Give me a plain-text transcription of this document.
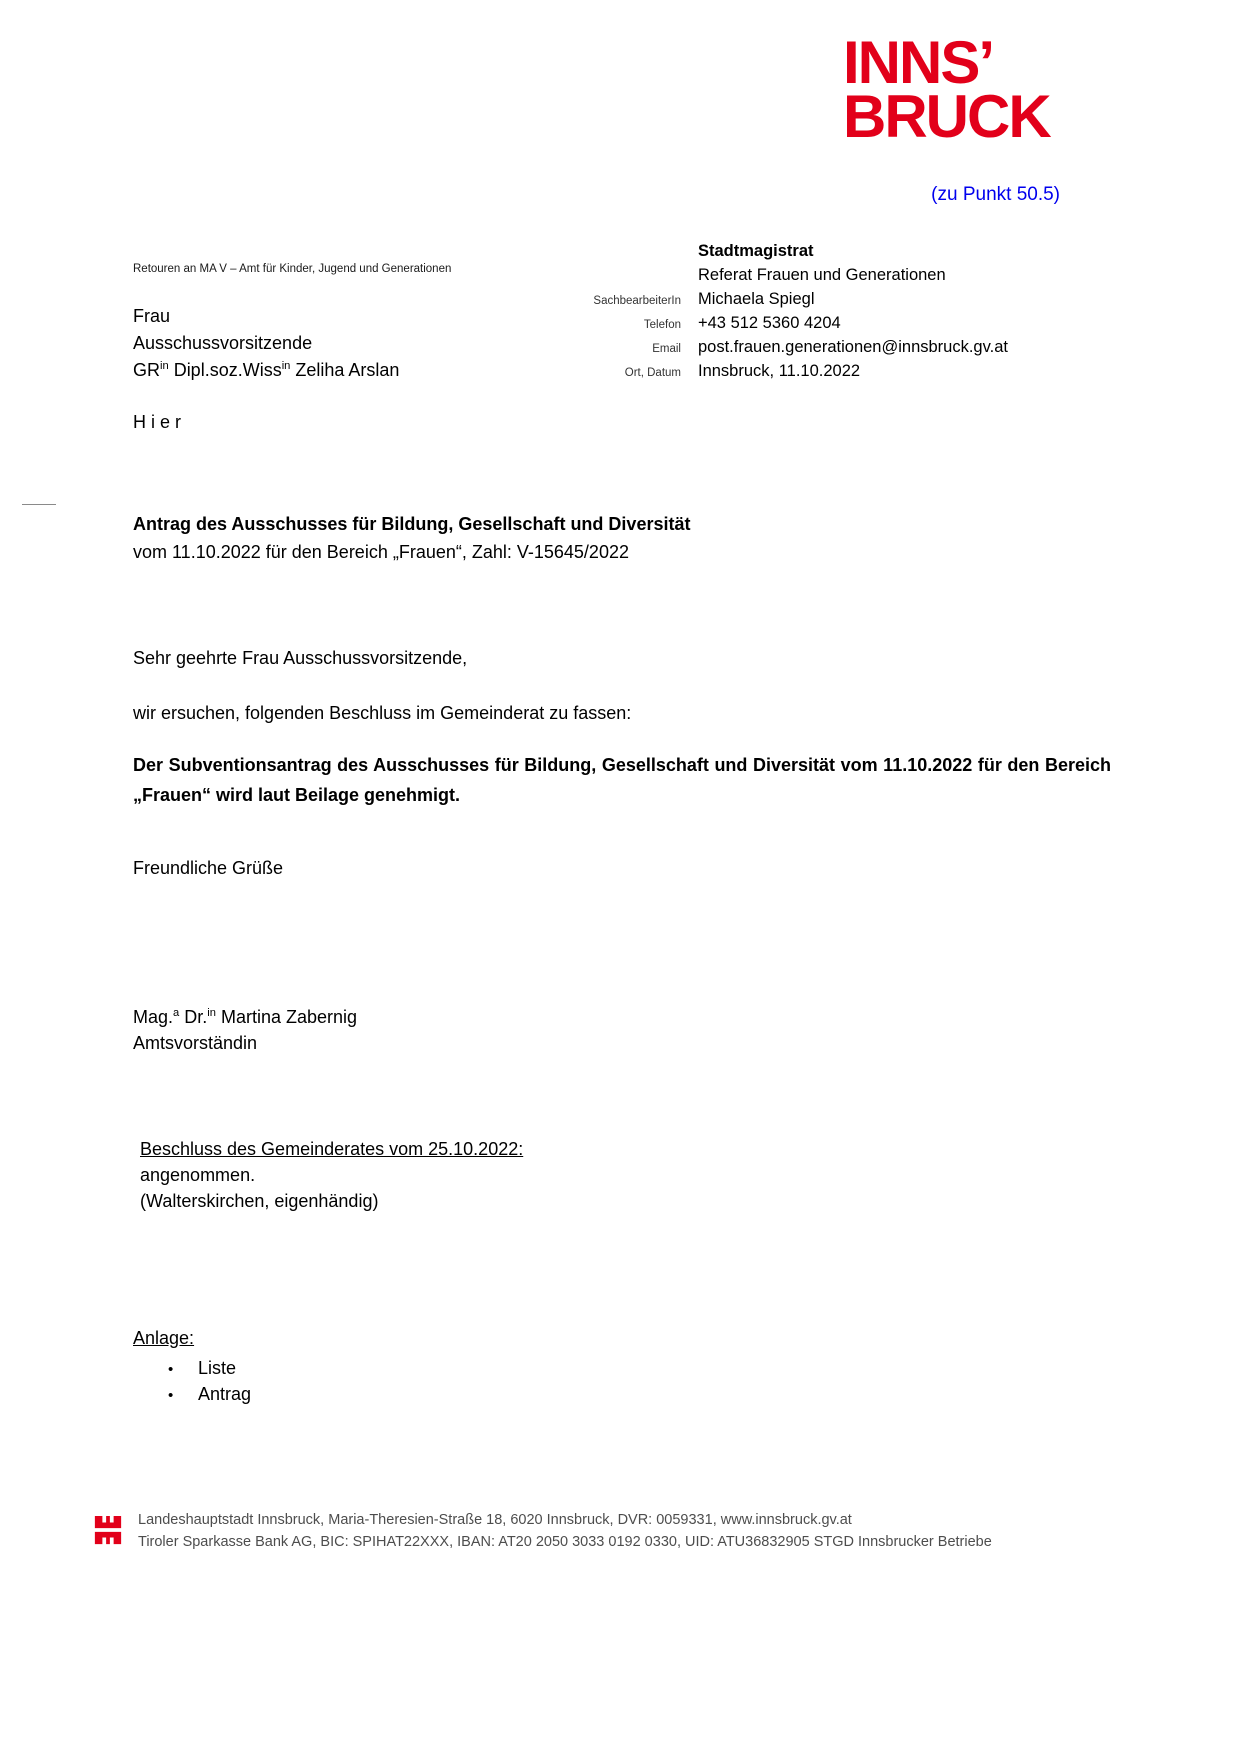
INNS’
BRUCK
(zu Punkt 50.5)
Retouren an MA V – Amt für Kinder, Jugend und Generationen
Frau
Ausschussvorsitzende
$GR^{in}$ Dipl.soz.Wiss$^{in}$ Zeliha Arslan
H i e r
Stadtmagistrat
Referat Frauen und Generationen
SachbearbeiterIn	Michaela Spiegl
Telefon	+43 512 5360 4204
Email	post.frauen.generationen@innsbruck.gv.at
Ort, Datum	Innsbruck, 11.10.2022
Antrag des Ausschusses für Bildung, Gesellschaft und Diversität
vom 11.10.2022 für den Bereich „Frauen“, Zahl: V-15645/2022
Sehr geehrte Frau Ausschussvorsitzende,
wir ersuchen, folgenden Beschluss im Gemeinderat zu fassen:
Der Subventionsantrag des Ausschusses für Bildung, Gesellschaft und Diversität vom 11.10.2022 für den Bereich „Frauen“ wird laut Beilage genehmigt.
Freundliche Grüße
Mag.$^a$ Dr.$^{in}$ Martina Zabernig
Amtsvorständin
Beschluss des Gemeinderates vom 25.10.2022:
angenommen.
(Walterskirchen, eigenhändig)
Anlage:
•	Liste
•	Antrag
Landeshauptstadt Innsbruck, Maria-Theresien-Straße 18, 6020 Innsbruck, DVR: 0059331, www.innsbruck.gv.at
Tiroler Sparkasse Bank AG, BIC: SPIHAT22XXX, IBAN: AT20 2050 3033 0192 0330, UID: ATU36832905 STGD Innsbrucker Betriebe
